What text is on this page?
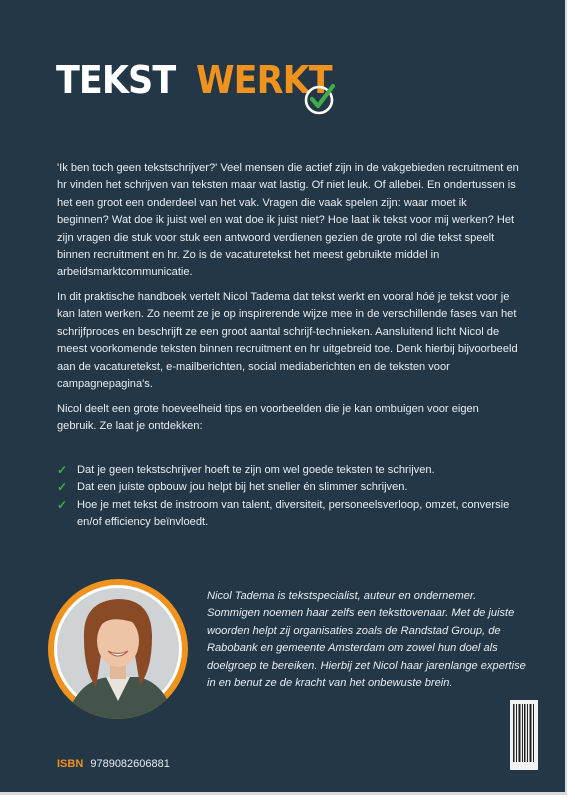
TEKST WERKT

'Ik ben toch geen tekstschrijver?' Veel mensen die actief zijn in de vakgebieden recruitment en hr vinden het schrijven van teksten maar wat lastig. Of niet leuk. Of allebei. En ondertussen is het een groot een onderdeel van het vak. Vragen die vaak spelen zijn: waar moet ik beginnen? Wat doe ik juist wel en wat doe ik juist niet? Hoe laat ik tekst voor mij werken? Het zijn vragen die stuk voor stuk een antwoord verdienen gezien de grote rol die tekst speelt binnen recruitment en hr. Zo is de vacaturetekst het meest gebruikte middel in arbeidsmarktcommunicatie.

In dit praktische handboek vertelt Nicol Tadema dat tekst werkt en vooral hóé je tekst voor je kan laten werken. Zo neemt ze je op inspirerende wijze mee in de verschillende fases van het schrijfproces en beschrijft ze een groot aantal schrijf-technieken. Aansluitend licht Nicol de meest voorkomende teksten binnen recruitment en hr uitgebreid toe. Denk hierbij bijvoorbeeld aan de vacaturetekst, e-mailberichten, social mediaberichten en de teksten voor campagnepagina's.

Nicol deelt een grote hoeveelheid tips en voorbeelden die je kan ombuigen voor eigen gebruik. Ze laat je ontdekken:

✓ Dat je geen tekstschrijver hoeft te zijn om wel goede teksten te schrijven.
✓ Dat een juiste opbouw jou helpt bij het sneller én slimmer schrijven.
✓ Hoe je met tekst de instroom van talent, diversiteit, personeelsverloop, omzet, conversie en/of efficiency beïnvloedt.

Nicol Tadema is tekstspecialist, auteur en ondernemer. Sommigen noemen haar zelfs een teksttovenaar. Met de juiste woorden helpt zij organisaties zoals de Randstad Group, de Rabobank en gemeente Amsterdam om zowel hun doel als doelgroep te bereiken. Hierbij zet Nicol haar jarenlange expertise in en benut ze de kracht van het onbewuste brein.

ISBN 9789082606881
